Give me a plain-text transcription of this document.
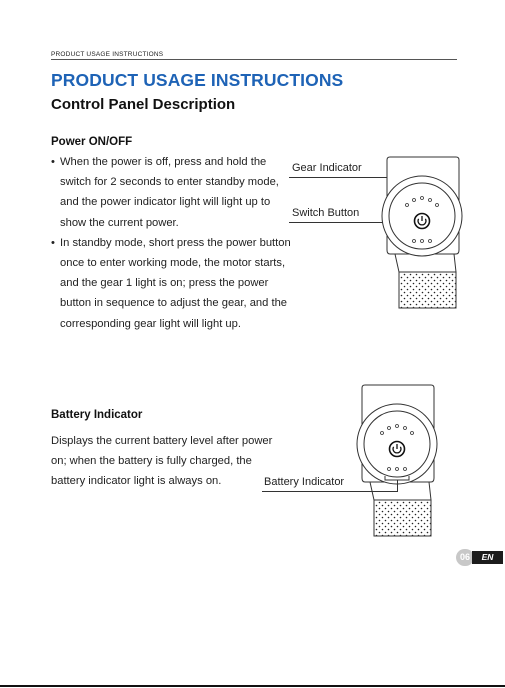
PRODUCT USAGE INSTRUCTIONS
PRODUCT USAGE INSTRUCTIONS
Control Panel Description
Power ON/OFF
• When the power is off, press and hold the switch for 2 seconds to enter standby mode, and the power indicator light will light up to show the current power.
• In standby mode, short press the power button once to enter working mode, the motor starts, and the gear 1 light is on; press the power button in sequence to adjust the gear, and the corresponding gear light will light up.
Gear Indicator
Switch Button
Battery Indicator
Displays the current battery level after power on; when the battery is fully charged, the battery indicator light is always on.	Battery Indicator
06	EN
